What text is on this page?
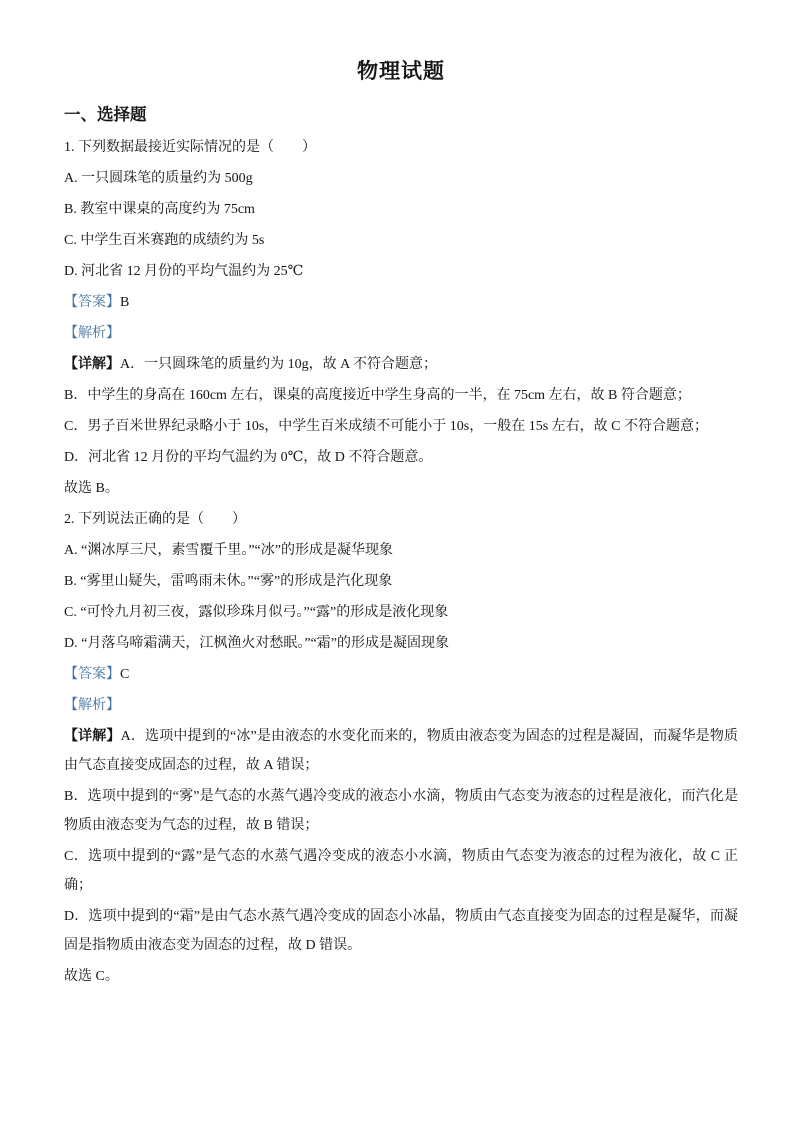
物理试题
一、选择题

1. 下列数据最接近实际情况的是（　　）

A. 一只圆珠笔的质量约为 500g

B. 教室中课桌的高度约为 75cm

C. 中学生百米赛跑的成绩约为 5s

D. 河北省 12 月份的平均气温约为 25℃

【答案】B

【解析】

【详解】A．一只圆珠笔的质量约为 10g，故 A 不符合题意；

B．中学生的身高在 160cm 左右，课桌的高度接近中学生身高的一半，在 75cm 左右，故 B 符合题意；

C．男子百米世界纪录略小于 10s，中学生百米成绩不可能小于 10s，一般在 15s 左右，故 C 不符合题意；

D．河北省 12 月份的平均气温约为 0℃，故 D 不符合题意。

故选 B。

2. 下列说法正确的是（　　）

A. “渊冰厚三尺，素雪覆千里。”“冰”的形成是凝华现象

B. “雾里山疑失，雷鸣雨未休。”“雾”的形成是汽化现象

C. “可怜九月初三夜，露似珍珠月似弓。”“露”的形成是液化现象

D. “月落乌啼霜满天，江枫渔火对愁眠。”“霜”的形成是凝固现象

【答案】C

【解析】

【详解】A．选项中提到的“冰”是由液态的水变化而来的，物质由液态变为固态的过程是凝固，而凝华是物质由气态直接变成固态的过程，故 A 错误；

B．选项中提到的“雾”是气态的水蒸气遇冷变成的液态小水滴，物质由气态变为液态的过程是液化，而汽化是物质由液态变为气态的过程，故 B 错误；

C．选项中提到的“露”是气态的水蒸气遇冷变成的液态小水滴，物质由气态变为液态的过程为液化，故 C 正确；

D．选项中提到的“霜”是由气态水蒸气遇冷变成的固态小冰晶，物质由气态直接变为固态的过程是凝华，而凝固是指物质由液态变为固态的过程，故 D 错误。

故选 C。
